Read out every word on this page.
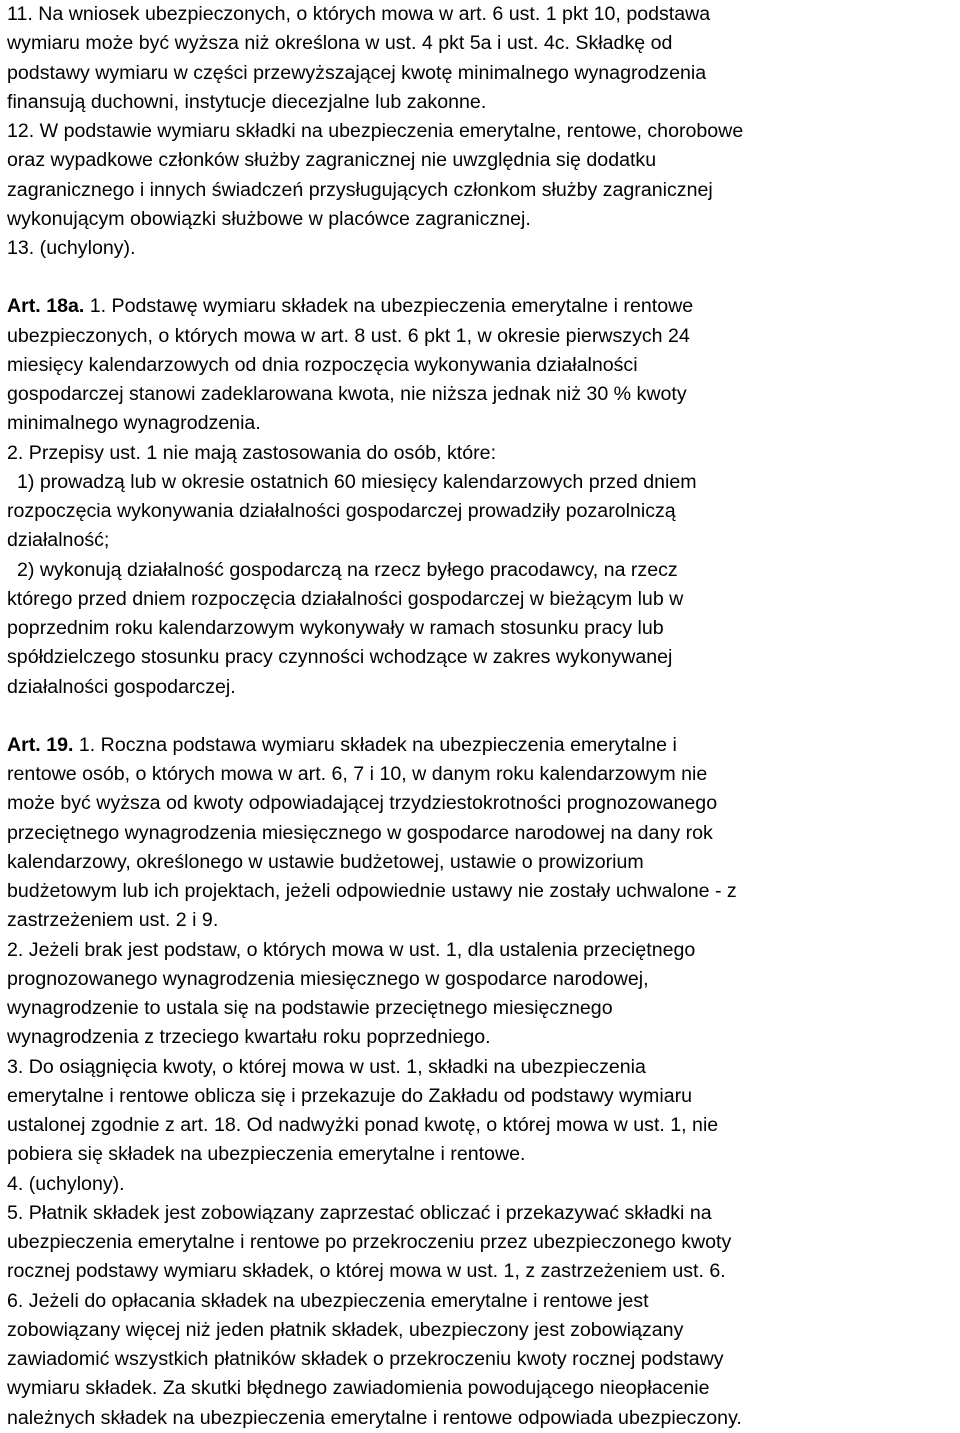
11. Na wniosek ubezpieczonych, o których mowa w art. 6 ust. 1 pkt 10, podstawa
wymiaru może być wyższa niż określona w ust. 4 pkt 5a i ust. 4c. Składkę od
podstawy wymiaru w części przewyższającej kwotę minimalnego wynagrodzenia
finansują duchowni, instytucje diecezjalne lub zakonne.
12. W podstawie wymiaru składki na ubezpieczenia emerytalne, rentowe, chorobowe
oraz wypadkowe członków służby zagranicznej nie uwzględnia się dodatku
zagranicznego i innych świadczeń przysługujących członkom służby zagranicznej
wykonującym obowiązki służbowe w placówce zagranicznej.
13. (uchylony).
Art. 18a. 1. Podstawę wymiaru składek na ubezpieczenia emerytalne i rentowe
ubezpieczonych, o których mowa w art. 8 ust. 6 pkt 1, w okresie pierwszych 24
miesięcy kalendarzowych od dnia rozpoczęcia wykonywania działalności
gospodarczej stanowi zadeklarowana kwota, nie niższa jednak niż 30 % kwoty
minimalnego wynagrodzenia.
2. Przepisy ust. 1 nie mają zastosowania do osób, które:
1) prowadzą lub w okresie ostatnich 60 miesięcy kalendarzowych przed dniem
rozpoczęcia wykonywania działalności gospodarczej prowadziły pozarolniczą
działalność;
2) wykonują działalność gospodarczą na rzecz byłego pracodawcy, na rzecz
którego przed dniem rozpoczęcia działalności gospodarczej w bieżącym lub w
poprzednim roku kalendarzowym wykonywały w ramach stosunku pracy lub
spółdzielczego stosunku pracy czynności wchodzące w zakres wykonywanej
działalności gospodarczej.
Art. 19. 1. Roczna podstawa wymiaru składek na ubezpieczenia emerytalne i
rentowe osób, o których mowa w art. 6, 7 i 10, w danym roku kalendarzowym nie
może być wyższa od kwoty odpowiadającej trzydziestokrotności prognozowanego
przeciętnego wynagrodzenia miesięcznego w gospodarce narodowej na dany rok
kalendarzowy, określonego w ustawie budżetowej, ustawie o prowizorium
budżetowym lub ich projektach, jeżeli odpowiednie ustawy nie zostały uchwalone - z
zastrzeżeniem ust. 2 i 9.
2. Jeżeli brak jest podstaw, o których mowa w ust. 1, dla ustalenia przeciętnego
prognozowanego wynagrodzenia miesięcznego w gospodarce narodowej,
wynagrodzenie to ustala się na podstawie przeciętnego miesięcznego
wynagrodzenia z trzeciego kwartału roku poprzedniego.
3. Do osiągnięcia kwoty, o której mowa w ust. 1, składki na ubezpieczenia
emerytalne i rentowe oblicza się i przekazuje do Zakładu od podstawy wymiaru
ustalonej zgodnie z art. 18. Od nadwyżki ponad kwotę, o której mowa w ust. 1, nie
pobiera się składek na ubezpieczenia emerytalne i rentowe.
4. (uchylony).
5. Płatnik składek jest zobowiązany zaprzestać obliczać i przekazywać składki na
ubezpieczenia emerytalne i rentowe po przekroczeniu przez ubezpieczonego kwoty
rocznej podstawy wymiaru składek, o której mowa w ust. 1, z zastrzeżeniem ust. 6.
6. Jeżeli do opłacania składek na ubezpieczenia emerytalne i rentowe jest
zobowiązany więcej niż jeden płatnik składek, ubezpieczony jest zobowiązany
zawiadomić wszystkich płatników składek o przekroczeniu kwoty rocznej podstawy
wymiaru składek. Za skutki błędnego zawiadomienia powodującego nieopłacenie
należnych składek na ubezpieczenia emerytalne i rentowe odpowiada ubezpieczony.
